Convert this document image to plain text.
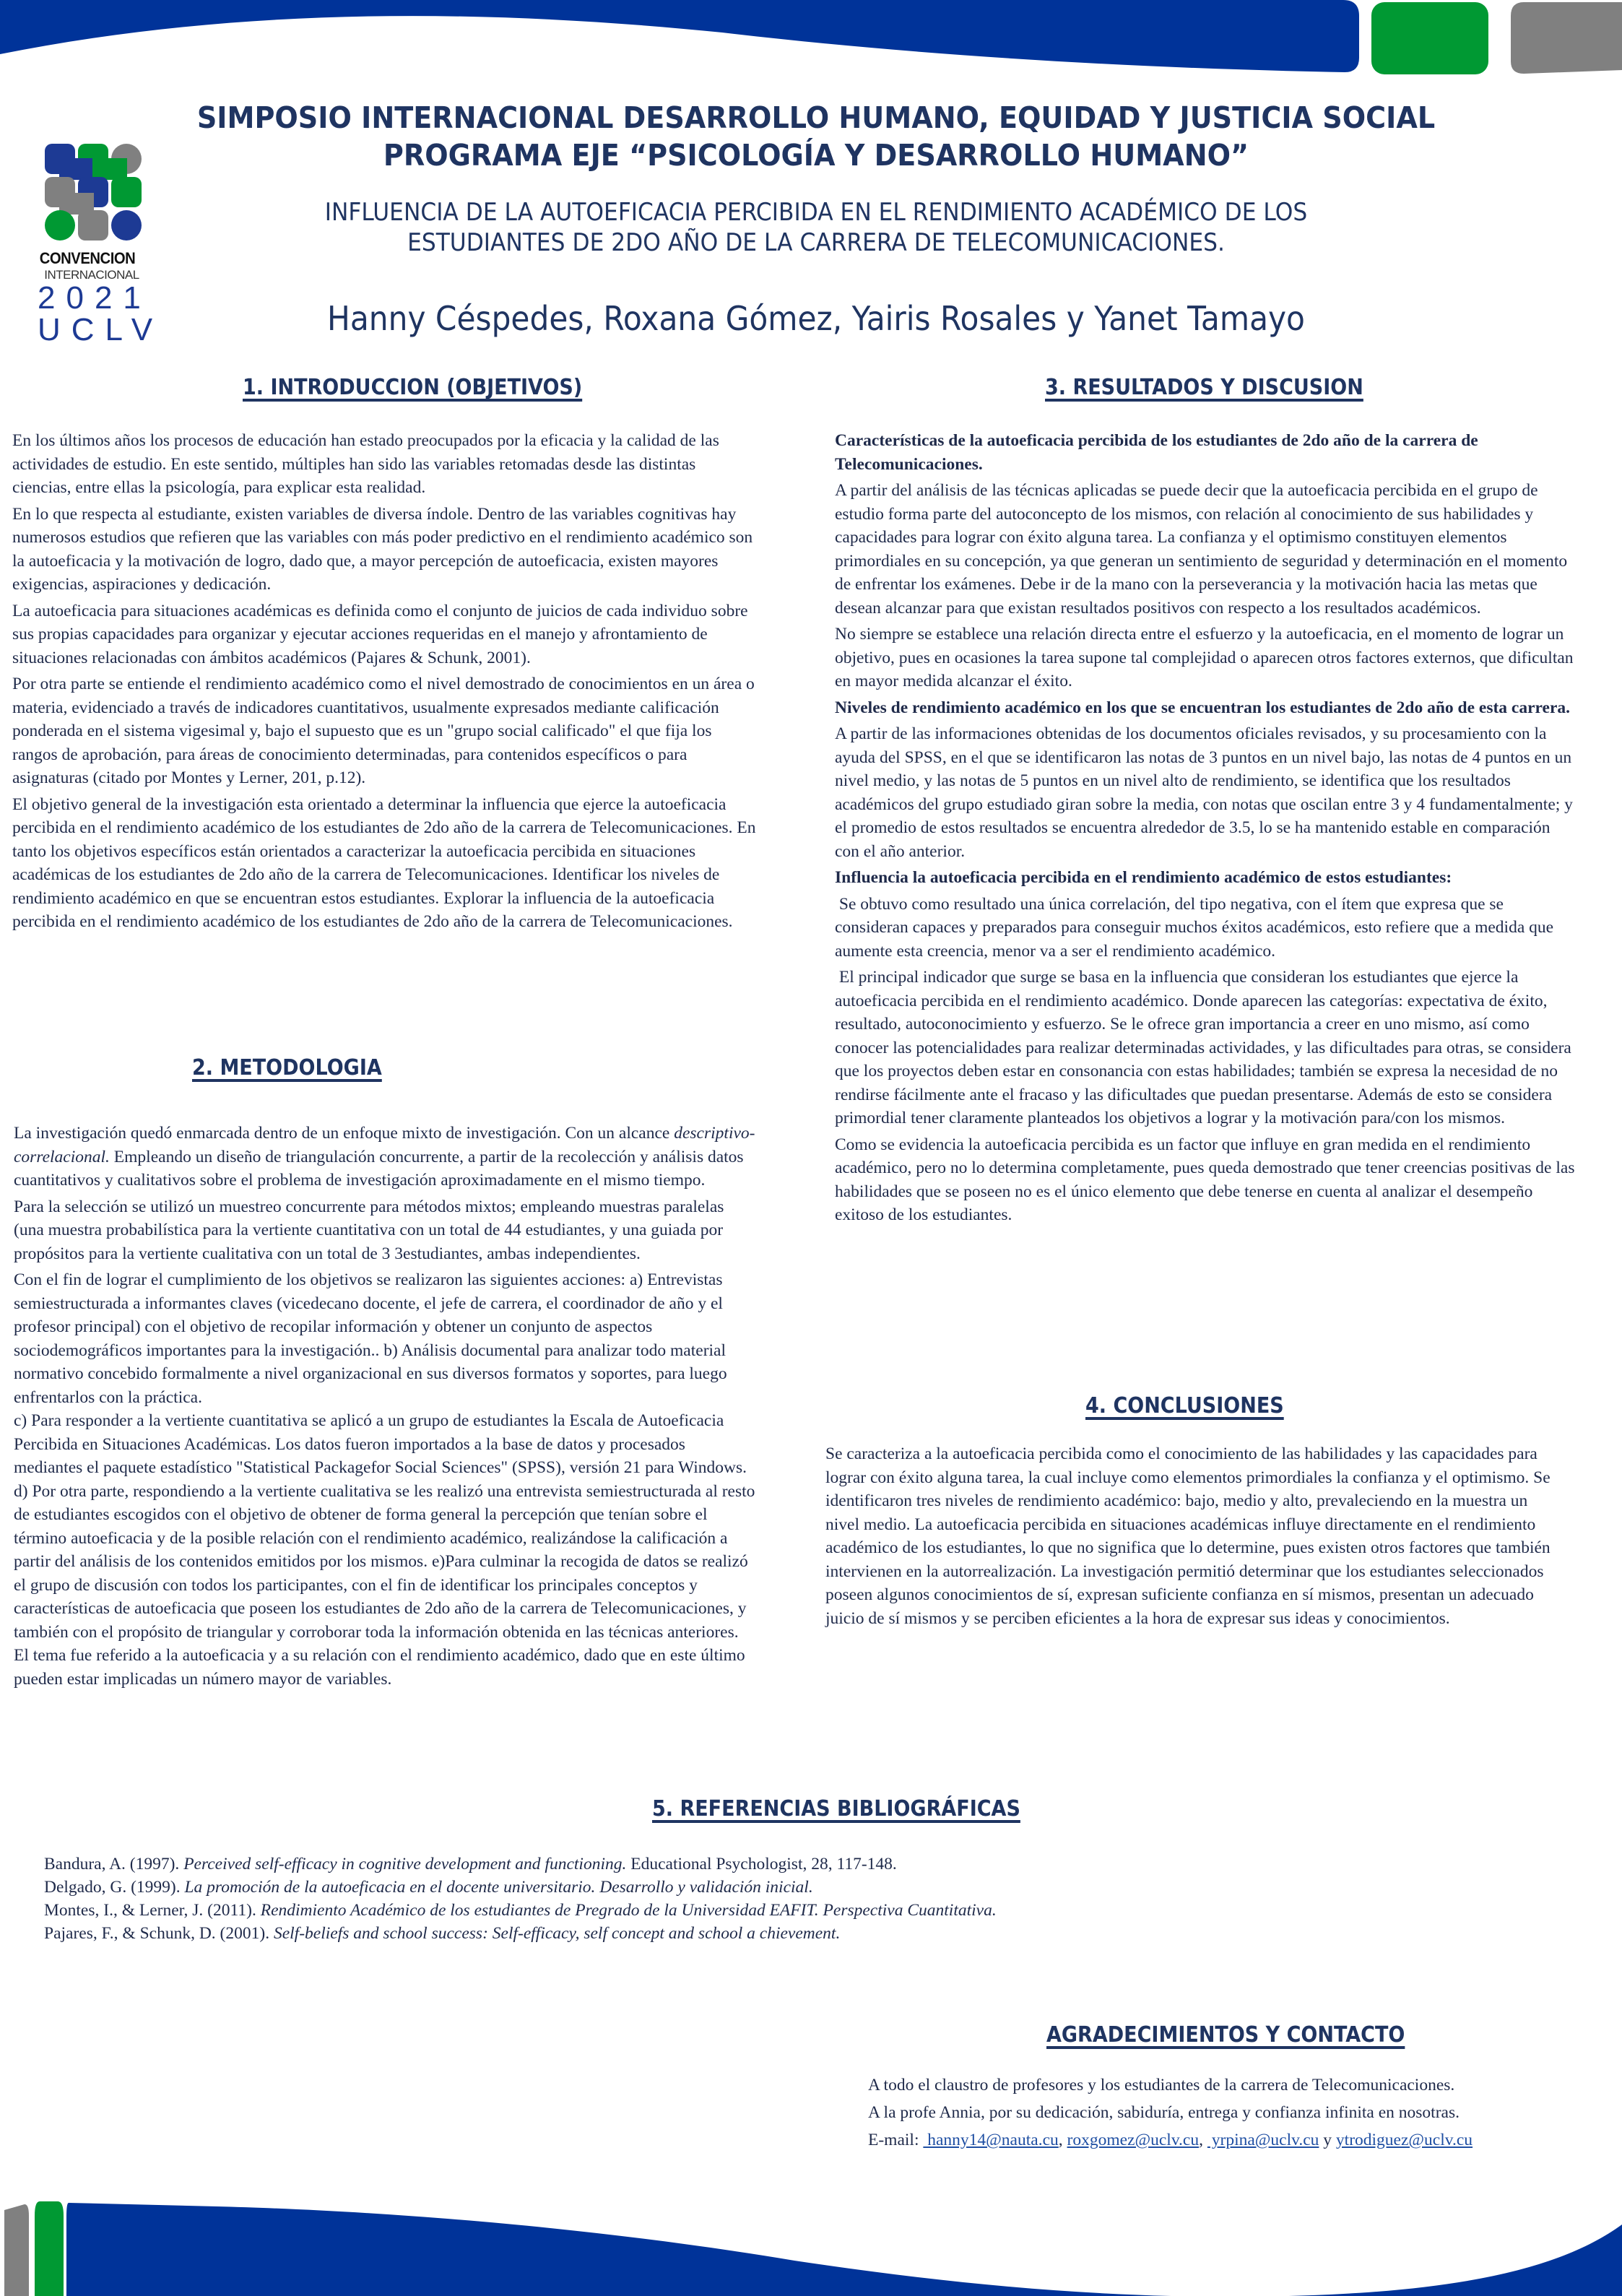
CONVENCION
INTERNACIONAL
2021
UCLV
SIMPOSIO INTERNACIONAL DESARROLLO HUMANO, EQUIDAD Y JUSTICIA SOCIAL
PROGRAMA EJE “PSICOLOGÍA Y DESARROLLO HUMANO”
INFLUENCIA DE LA AUTOEFICACIA PERCIBIDA EN EL RENDIMIENTO ACADÉMICO DE LOS
ESTUDIANTES DE 2DO AÑO DE LA CARRERA DE TELECOMUNICACIONES.
Hanny Céspedes, Roxana Gómez, Yairis Rosales y Yanet Tamayo
1. INTRODUCCION (OBJETIVOS)

En los últimos años los procesos de educación han estado preocupados por la eficacia y la calidad de las actividades de estudio. En este sentido, múltiples han sido las variables retomadas desde las distintas ciencias, entre ellas la psicología, para explicar esta realidad.

En lo que respecta al estudiante, existen variables de diversa índole. Dentro de las variables cognitivas hay numerosos estudios que refieren que las variables con más poder predictivo en el rendimiento académico son la autoeficacia y la motivación de logro, dado que, a mayor percepción de autoeficacia, existen mayores exigencias, aspiraciones y dedicación.

La autoeficacia para situaciones académicas es definida como el conjunto de juicios de cada individuo sobre sus propias capacidades para organizar y ejecutar acciones requeridas en el manejo y afrontamiento de situaciones relacionadas con ámbitos académicos (Pajares & Schunk, 2001).

Por otra parte se entiende el rendimiento académico como el nivel demostrado de conocimientos en un área o materia, evidenciado a través de indicadores cuantitativos, usualmente expresados mediante calificación ponderada en el sistema vigesimal y, bajo el supuesto que es un "grupo social calificado" el que fija los rangos de aprobación, para áreas de conocimiento determinadas, para contenidos específicos o para asignaturas (citado por Montes y Lerner, 201, p.12).

El objetivo general de la investigación esta orientado a determinar la influencia que ejerce la autoeficacia percibida en el rendimiento académico de los estudiantes de 2do año de la carrera de Telecomunicaciones. En tanto los objetivos específicos están orientados a caracterizar la autoeficacia percibida en situaciones académicas de los estudiantes de 2do año de la carrera de Telecomunicaciones. Identificar los niveles de rendimiento académico en que se encuentran estos estudiantes. Explorar la influencia de la autoeficacia percibida en el rendimiento académico de los estudiantes de 2do año de la carrera de Telecomunicaciones.

2. METODOLOGIA

La investigación quedó enmarcada dentro de un enfoque mixto de investigación. Con un alcance descriptivo-correlacional. Empleando un diseño de triangulación concurrente, a partir de la recolección y análisis datos cuantitativos y cualitativos sobre el problema de investigación aproximadamente en el mismo tiempo.

Para la selección se utilizó un muestreo concurrente para métodos mixtos; empleando muestras paralelas (una muestra probabilística para la vertiente cuantitativa con un total de 44 estudiantes, y una guiada por propósitos para la vertiente cualitativa con un total de 3 3estudiantes, ambas independientes.

Con el fin de lograr el cumplimiento de los objetivos se realizaron las siguientes acciones: a) Entrevistas semiestructurada a informantes claves (vicedecano docente, el jefe de carrera, el coordinador de año y el profesor principal) con el objetivo de recopilar información y obtener un conjunto de aspectos sociodemográficos importantes para la investigación.. b) Análisis documental para analizar todo material normativo concebido formalmente a nivel organizacional en sus diversos formatos y soportes, para luego enfrentarlos con la práctica.

c) Para responder a la vertiente cuantitativa se aplicó a un grupo de estudiantes la Escala de Autoeficacia Percibida en Situaciones Académicas. Los datos fueron importados a la base de datos y procesados mediantes el paquete estadístico "Statistical Packagefor Social Sciences" (SPSS), versión 21 para Windows. d) Por otra parte, respondiendo a la vertiente cualitativa se les realizó una entrevista semiestructurada al resto de estudiantes escogidos con el objetivo de obtener de forma general la percepción que tenían sobre el término autoeficacia y de la posible relación con el rendimiento académico, realizándose la calificación a partir del análisis de los contenidos emitidos por los mismos. e)Para culminar la recogida de datos se realizó el grupo de discusión con todos los participantes, con el fin de identificar los principales conceptos y características de autoeficacia que poseen los estudiantes de 2do año de la carrera de Telecomunicaciones, y también con el propósito de triangular y corroborar toda la información obtenida en las técnicas anteriores. El tema fue referido a la autoeficacia y a su relación con el rendimiento académico, dado que en este último pueden estar implicadas un número mayor de variables.

3. RESULTADOS Y DISCUSION

Características de la autoeficacia percibida de los estudiantes de 2do año de la carrera de Telecomunicaciones.

A partir del análisis de las técnicas aplicadas se puede decir que la autoeficacia percibida en el grupo de estudio forma parte del autoconcepto de los mismos, con relación al conocimiento de sus habilidades y capacidades para lograr con éxito alguna tarea. La confianza y el optimismo constituyen elementos primordiales en su concepción, ya que generan un sentimiento de seguridad y determinación en el momento de enfrentar los exámenes. Debe ir de la mano con la perseverancia y la motivación hacia las metas que desean alcanzar para que existan resultados positivos con respecto a los resultados académicos.

No siempre se establece una relación directa entre el esfuerzo y la autoeficacia, en el momento de lograr un objetivo, pues en ocasiones la tarea supone tal complejidad o aparecen otros factores externos, que dificultan en mayor medida alcanzar el éxito.

Niveles de rendimiento académico en los que se encuentran los estudiantes de 2do año de esta carrera.

A partir de las informaciones obtenidas de los documentos oficiales revisados, y su procesamiento con la ayuda del SPSS, en el que se identificaron las notas de 3 puntos en un nivel bajo, las notas de 4 puntos en un nivel medio, y las notas de 5 puntos en un nivel alto de rendimiento, se identifica que los resultados académicos del grupo estudiado giran sobre la media, con notas que oscilan entre 3 y 4 fundamentalmente; y el promedio de estos resultados se encuentra alrededor de 3.5, lo se ha mantenido estable en comparación con el año anterior.

Influencia la autoeficacia percibida en el rendimiento académico de estos estudiantes:

Se obtuvo como resultado una única correlación, del tipo negativa, con el ítem que expresa que se consideran capaces y preparados para conseguir muchos éxitos académicos, esto refiere que a medida que aumente esta creencia, menor va a ser el rendimiento académico.

El principal indicador que surge se basa en la influencia que consideran los estudiantes que ejerce la autoeficacia percibida en el rendimiento académico. Donde aparecen las categorías: expectativa de éxito, resultado, autoconocimiento y esfuerzo. Se le ofrece gran importancia a creer en uno mismo, así como conocer las potencialidades para realizar determinadas actividades, y las dificultades para otras, se considera que los proyectos deben estar en consonancia con estas habilidades; también se expresa la necesidad de no rendirse fácilmente ante el fracaso y las dificultades que puedan presentarse. Además de esto se considera primordial tener claramente planteados los objetivos a lograr y la motivación para/con los mismos.

Como se evidencia la autoeficacia percibida es un factor que influye en gran medida en el rendimiento académico, pero no lo determina completamente, pues queda demostrado que tener creencias positivas de las habilidades que se poseen no es el único elemento que debe tenerse en cuenta al analizar el desempeño exitoso de los estudiantes.

4. CONCLUSIONES

Se caracteriza a la autoeficacia percibida como el conocimiento de las habilidades y las capacidades para lograr con éxito alguna tarea, la cual incluye como elementos primordiales la confianza y el optimismo. Se identificaron tres niveles de rendimiento académico: bajo, medio y alto, prevaleciendo en la muestra un nivel medio. La autoeficacia percibida en situaciones académicas influye directamente en el rendimiento académico de los estudiantes, lo que no significa que lo determine, pues existen otros factores que también intervienen en la autorrealización. La investigación permitió determinar que los estudiantes seleccionados poseen algunos conocimientos de sí, expresan suficiente confianza en sí mismos, presentan un adecuado juicio de sí mismos y se perciben eficientes a la hora de expresar sus ideas y conocimientos.

5. REFERENCIAS BIBLIOGRÁFICAS

Bandura, A. (1997). Perceived self-efficacy in cognitive development and functioning. Educational Psychologist, 28, 117-148.

Delgado, G. (1999). La promoción de la autoeficacia en el docente universitario. Desarrollo y validación inicial.

Montes, I., & Lerner, J. (2011). Rendimiento Académico de los estudiantes de Pregrado de la Universidad EAFIT. Perspectiva Cuantitativa.

Pajares, F., & Schunk, D. (2001). Self-beliefs and school success: Self-efficacy, self concept and school a chievement.

AGRADECIMIENTOS Y CONTACTO

A todo el claustro de profesores y los estudiantes de la carrera de Telecomunicaciones.

A la profe Annia, por su dedicación, sabiduría, entrega y confianza infinita en nosotras.

E-mail:  hanny14@nauta.cu, roxgomez@uclv.cu,  yrpina@uclv.cu y ytrodiguez@uclv.cu
